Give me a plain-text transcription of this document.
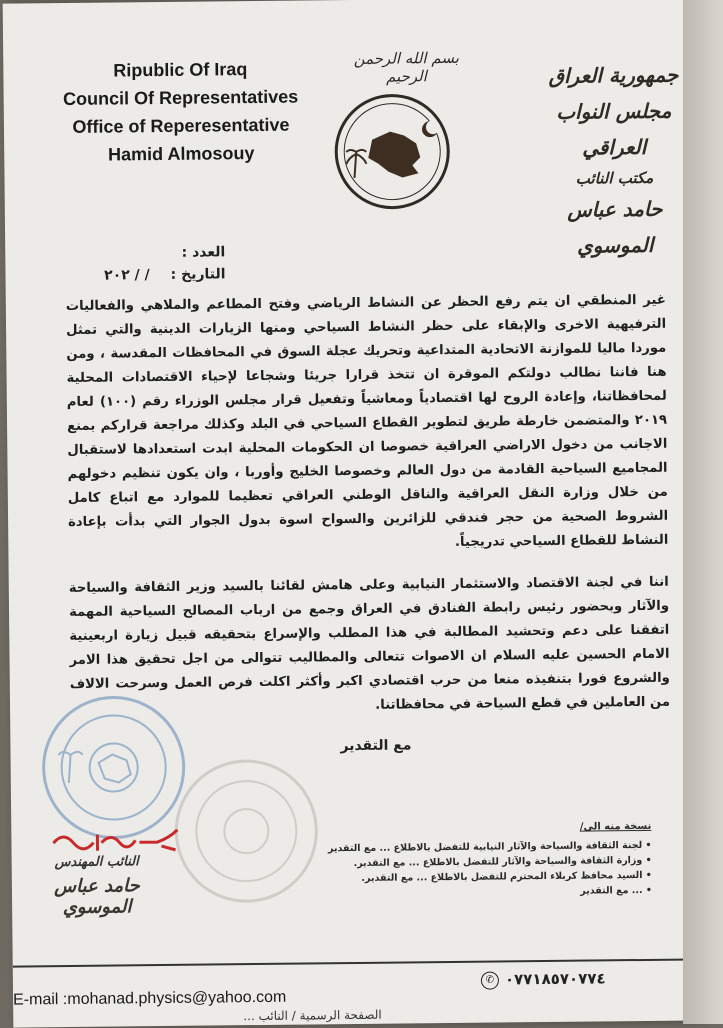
Ripublic Of Iraq
Council Of Representatives
Office of Reperesentative
Hamid Almosouy
بسم الله الرحمن الرحيم	جمهورية العراق
مجلس النواب العراقي
مكتب النائب
حامد عباس الموسوي
العدد :
التاريخ : / / ٢٠٢

غير المنطقي ان يتم رفع الحظر عن النشاط الرياضي وفتح المطاعم والملاهي والفعاليات الترفيهية الاخرى والإبقاء على حظر النشاط السياحي ومنها الزيارات الدينية والتي تمثل موردا ماليا للموازنة الاتحادية المتداعية وتحريك عجلة السوق في المحافظات المقدسة ، ومن هنا فاننا نطالب دولتكم الموقرة ان تتخذ قرارا جريئا وشجاعا لإحياء الاقتصادات المحلية لمحافظاتنا، وإعادة الروح لها اقتصادياً ومعاشياً وتفعيل قرار مجلس الوزراء رقم (١٠٠) لعام ٢٠١٩ والمتضمن خارطة طريق لتطوير القطاع السياحي في البلد وكذلك مراجعة قراركم بمنع الاجانب من دخول الاراضي العراقية خصوصا ان الحكومات المحلية ابدت استعدادها لاستقبال المجاميع السياحية القادمة من دول العالم وخصوصا الخليج وأوربا ، وان يكون تنظيم دخولهم من خلال وزارة النقل العراقية والناقل الوطني العراقي تعظيما للموارد مع اتباع كامل الشروط الصحية من حجر فندقي للزائرين والسواح اسوة بدول الجوار التي بدأت بإعادة النشاط للقطاع السياحي تدريجياً.

اننا في لجنة الاقتصاد والاستثمار النيابية وعلى هامش لقائنا بالسيد وزير الثقافة والسياحة والآثار وبحضور رئيس رابطة الفنادق في العراق وجمع من ارباب المصالح السياحية المهمة اتفقنا على دعم وتحشيد المطالبة في هذا المطلب والإسراع بتحقيقه قبيل زيارة اربعينية الامام الحسين عليه السلام ان الاصوات تتعالى والمطاليب تتوالى من اجل تحقيق هذا الامر والشروع فورا بتنفيذه منعا من حرب اقتصادي اكبر وأكثر اكلت فرص العمل وسرحت الالاف من العاملين في قطع السياحة في محافظاتنا.

مع التقدير
النائب المهندس
حامد عباس الموسوي
نسخة منه الى/
• لجنة الثقافة والسياحة والآثار النيابية للتفضل بالاطلاع ... مع التقدير
• وزارة الثقافة والسياحة والآثار للتفضل بالاطلاع ... مع التقدير.
• السيد محافظ كربلاء المحترم للتفضل بالاطلاع ... مع التقدير.
• ... مع التقدير
✆ ٠٧٧١٨٥٧٠٧٧٤
E-mail :mohanad.physics@yahoo.com
الصفحة الرسمية / النائب ...
